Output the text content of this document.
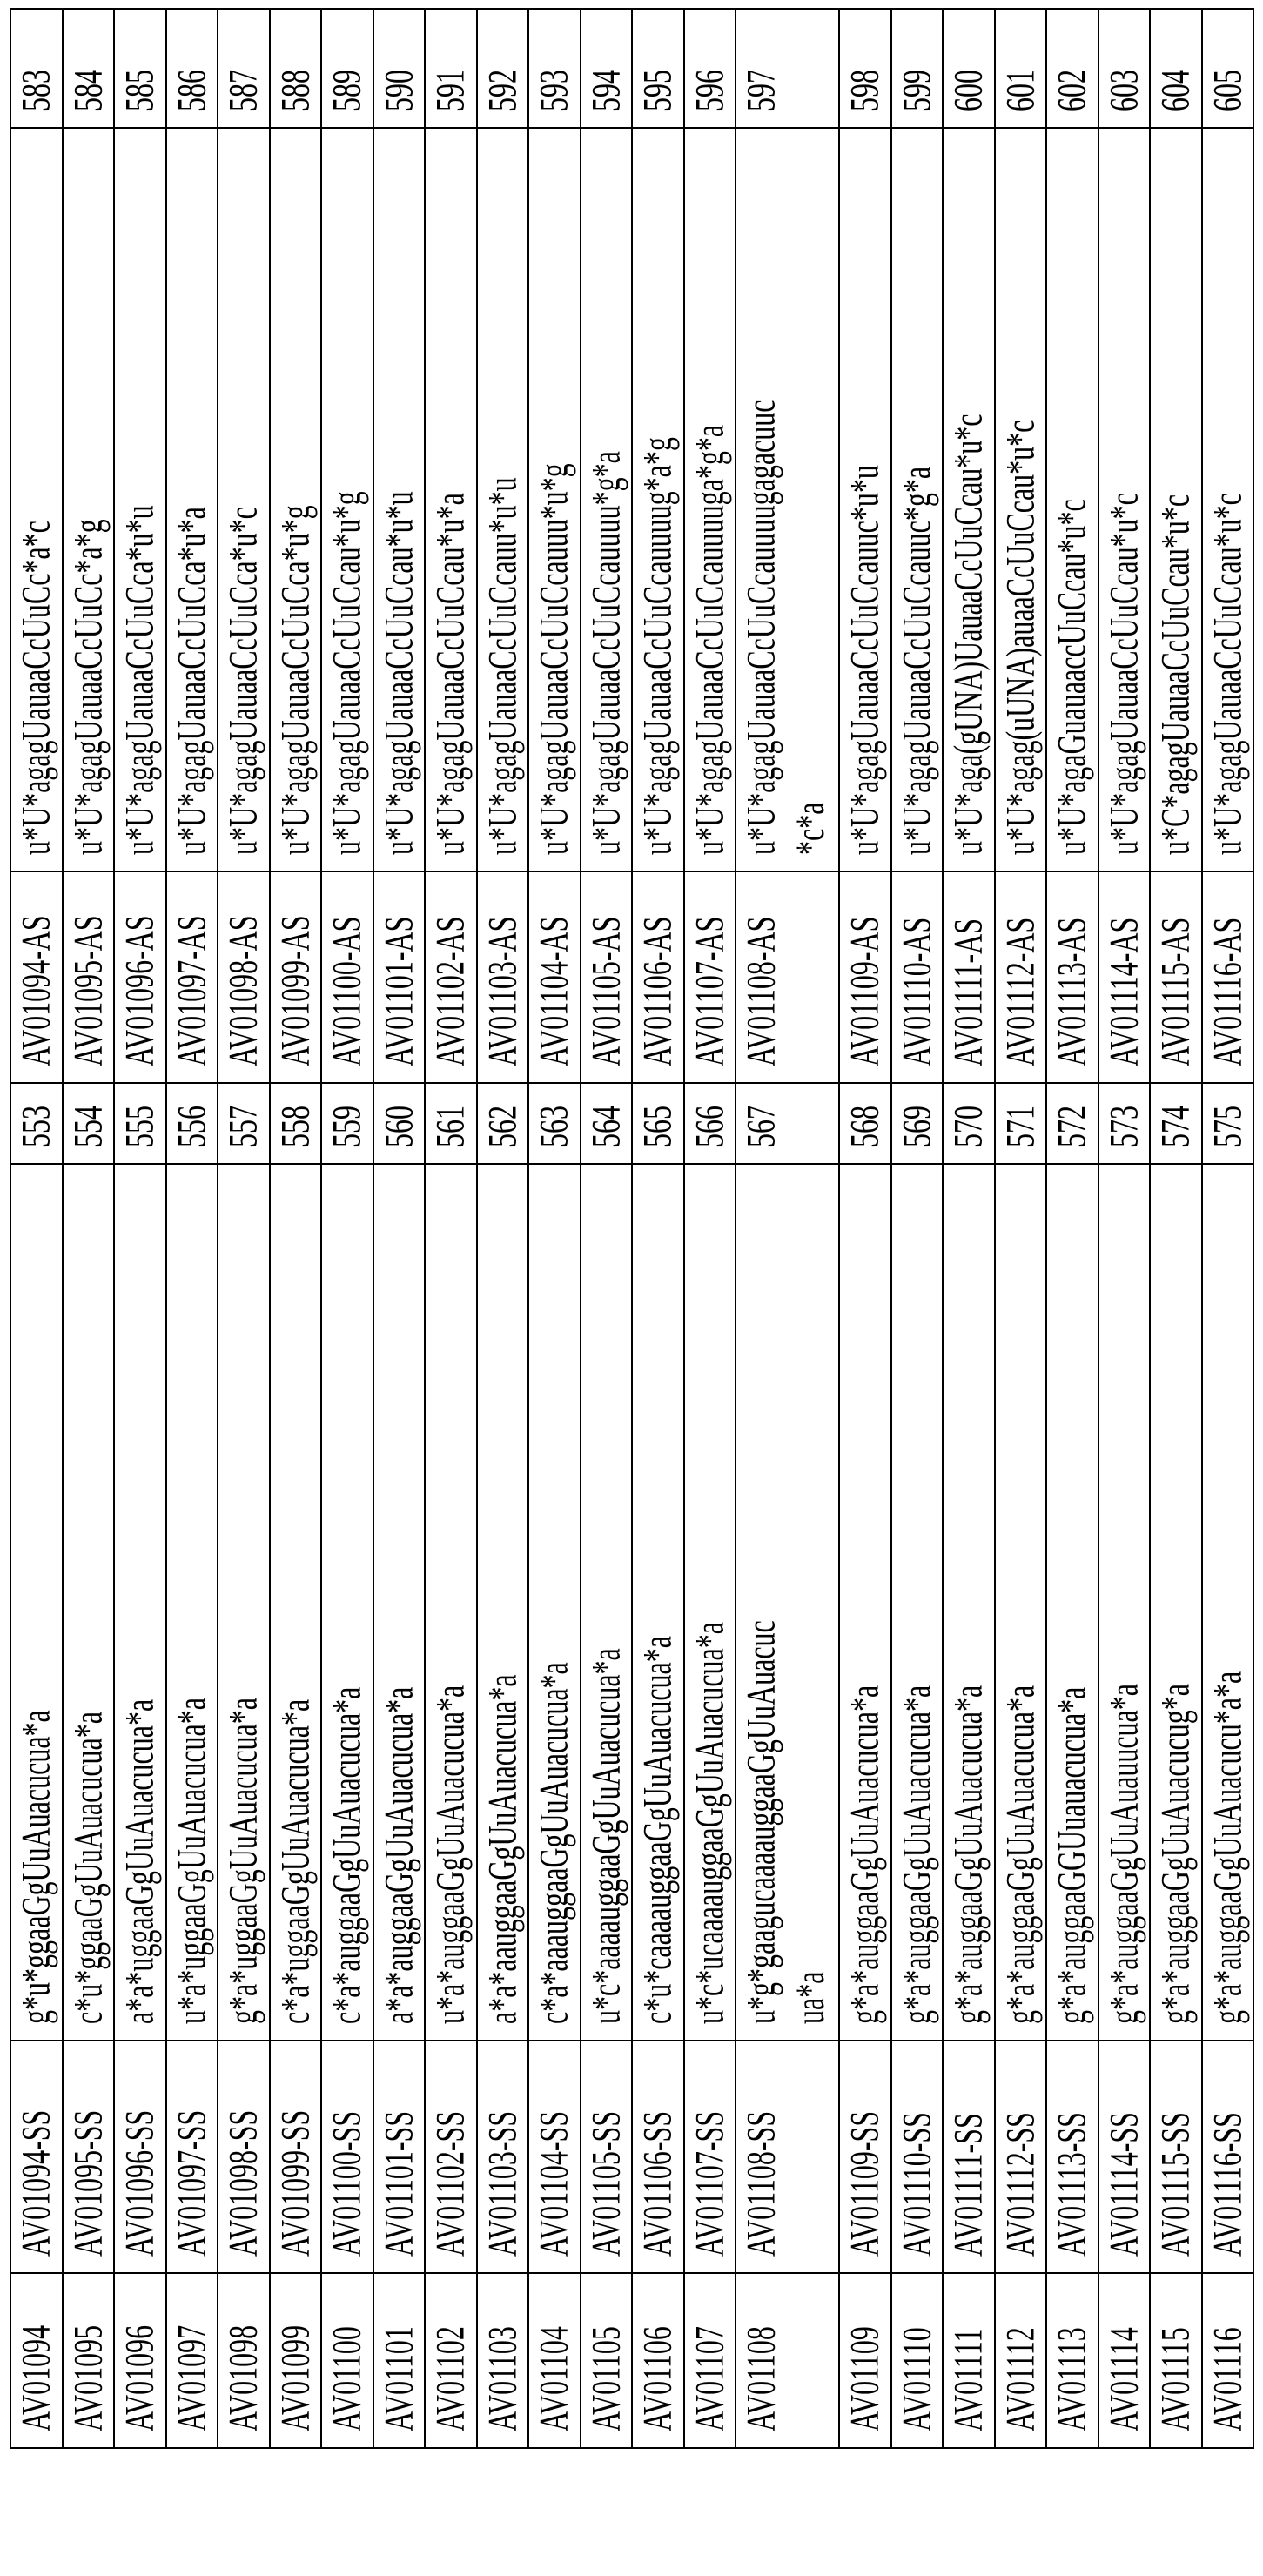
AV01094

AV01094-SS

g*u*ggaaGgUuAuacucua*a

553

AV01094-AS

u*U*agagUauaaCcUuCc*a*c

583

AV01095

AV01095-SS

c*u*ggaaGgUuAuacucua*a

554

AV01095-AS

u*U*agagUauaaCcUuCc*a*g

584

AV01096

AV01096-SS

a*a*uggaaGgUuAuacucua*a

555

AV01096-AS

u*U*agagUauaaCcUuCca*u*u

585

AV01097

AV01097-SS

u*a*uggaaGgUuAuacucua*a

556

AV01097-AS

u*U*agagUauaaCcUuCca*u*a

586

AV01098

AV01098-SS

g*a*uggaaGgUuAuacucua*a

557

AV01098-AS

u*U*agagUauaaCcUuCca*u*c

587

AV01099

AV01099-SS

c*a*uggaaGgUuAuacucua*a

558

AV01099-AS

u*U*agagUauaaCcUuCca*u*g

588

AV01100

AV01100-SS

c*a*auggaaGgUuAuacucua*a

559

AV01100-AS

u*U*agagUauaaCcUuCcau*u*g

589

AV01101

AV01101-SS

a*a*auggaaGgUuAuacucua*a

560

AV01101-AS

u*U*agagUauaaCcUuCcau*u*u

590

AV01102

AV01102-SS

u*a*auggaaGgUuAuacucua*a

561

AV01102-AS

u*U*agagUauaaCcUuCcau*u*a

591

AV01103

AV01103-SS

a*a*aauggaaGgUuAuacucua*a

562

AV01103-AS

u*U*agagUauaaCcUuCcauu*u*u

592

AV01104

AV01104-SS

c*a*aaauggaaGgUuAuacucua*a

563

AV01104-AS

u*U*agagUauaaCcUuCcauuu*u*g

593

AV01105

AV01105-SS

u*c*aaaauggaaGgUuAuacucua*a

564

AV01105-AS

u*U*agagUauaaCcUuCcauuuu*g*a

594

AV01106

AV01106-SS

c*u*caaaauggaaGgUuAuacucua*a

565

AV01106-AS

u*U*agagUauaaCcUuCcauuuug*a*g

595

AV01107

AV01107-SS

u*c*ucaaaauggaaGgUuAuacucua*a

566

AV01107-AS

u*U*agagUauaaCcUuCcauuuuga*g*a

596

AV01108

AV01108-SS

u*g*gaagucaaaauggaaGgUuAuacuc ua*a

567

AV01108-AS

u*U*agagUauaaCcUuCcauuuugagacuuc *c*a

597

AV01109

AV01109-SS

g*a*auggaaGgUuAuacucua*a

568

AV01109-AS

u*U*agagUauaaCcUuCcauuc*u*u

598

AV01110

AV01110-SS

g*a*auggaaGgUuAuacucua*a

569

AV01110-AS

u*U*agagUauaaCcUuCcauuc*g*a

599

AV01111

AV01111-SS

g*a*auggaaGgUuAuacucua*a

570

AV01111-AS

u*U*aga(gUNA)UauaaCcUuCcau*u*c

600

AV01112

AV01112-SS

g*a*auggaaGgUuAuacucua*a

571

AV01112-AS

u*U*agag(uUNA)auaaCcUuCcau*u*c

601

AV01113

AV01113-SS

g*a*auggaaGGUuauacucua*a

572

AV01113-AS

u*U*agaGuauaaccUuCcau*u*c

602

AV01114

AV01114-SS

g*a*auggaaGgUuAuauucua*a

573

AV01114-AS

u*U*agagUauaaCcUuCcau*u*c

603

AV01115

AV01115-SS

g*a*auggaaGgUuAuacucug*a

574

AV01115-AS

u*C*agagUauaaCcUuCcau*u*c

604

AV01116

AV01116-SS

g*a*auggaaGgUuAuacucu*a*a

575

AV01116-AS

u*U*agagUauaaCcUuCcau*u*c

605
